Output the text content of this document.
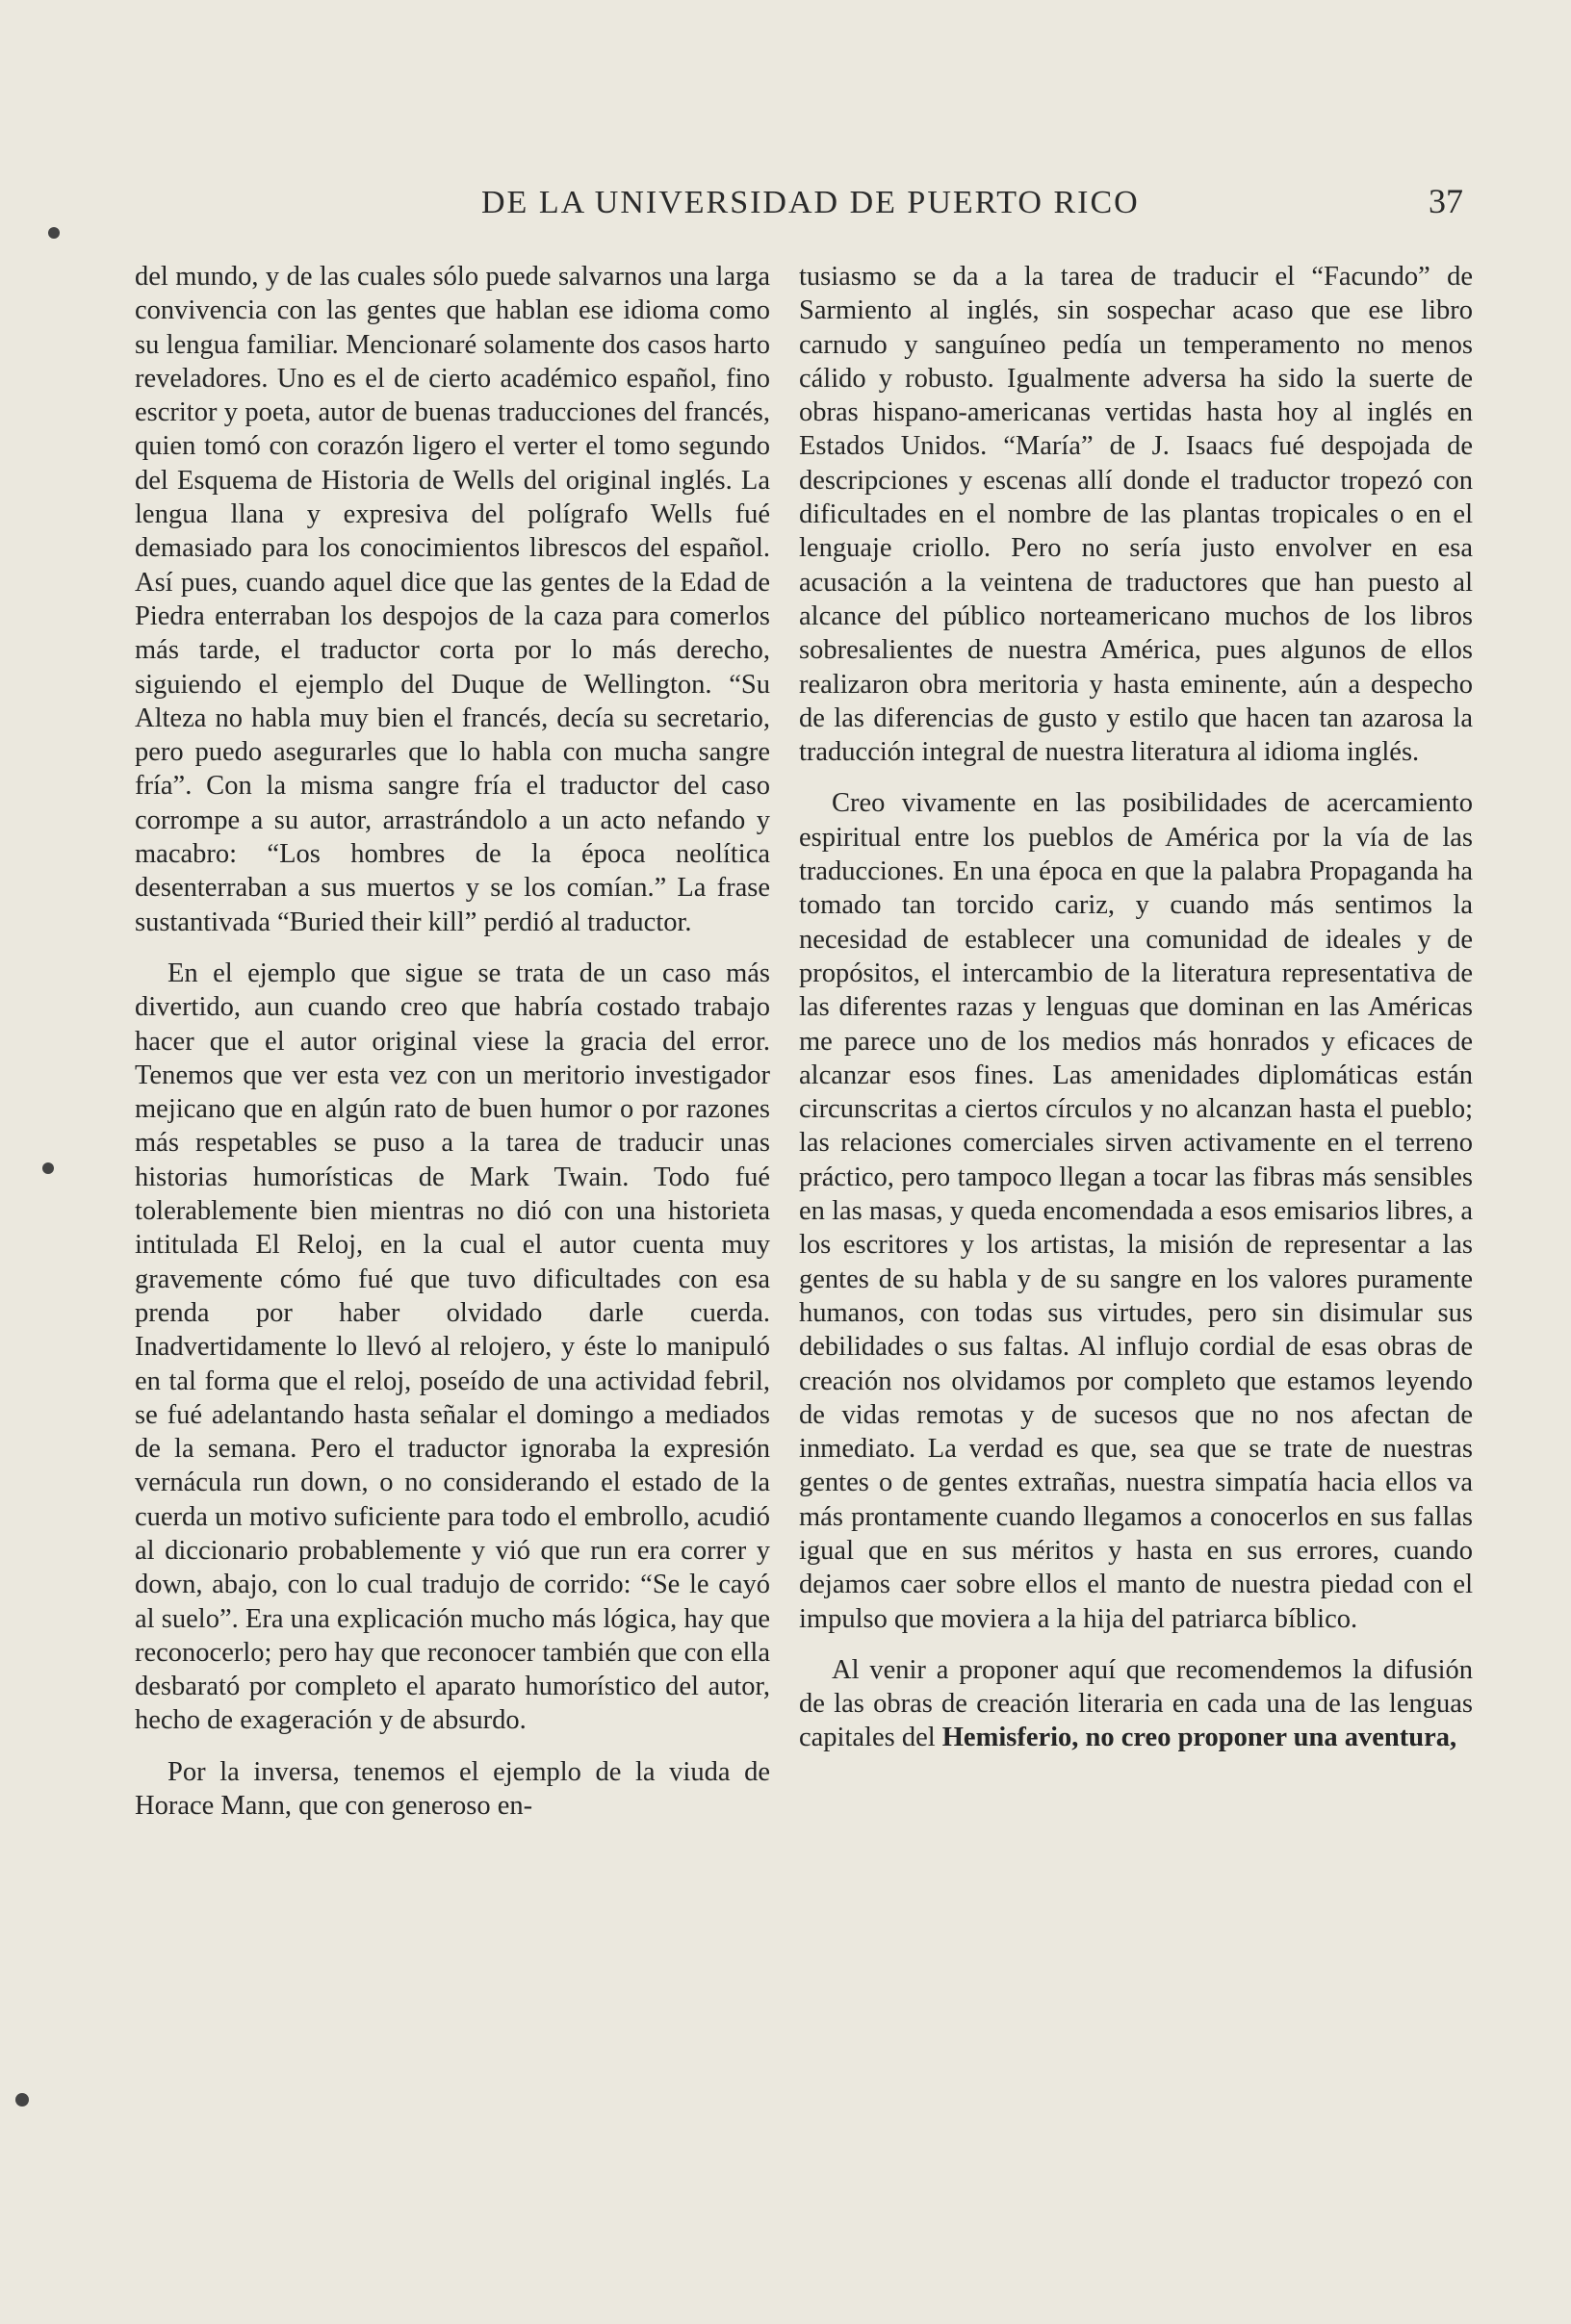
DE LA UNIVERSIDAD DE PUERTO RICO	37

del mundo, y de las cuales sólo puede salvarnos una larga convivencia con las gentes que hablan ese idioma como su lengua familiar. Mencionaré solamente dos casos harto reveladores. Uno es el de cierto académico español, fino escritor y poeta, autor de buenas traducciones del francés, quien tomó con corazón ligero el verter el tomo segundo del Esquema de Historia de Wells del original inglés. La lengua llana y expresiva del polígrafo Wells fué demasiado para los conocimientos librescos del español. Así pues, cuando aquel dice que las gentes de la Edad de Piedra enterraban los despojos de la caza para comerlos más tarde, el traductor corta por lo más derecho, siguiendo el ejemplo del Duque de Wellington. “Su Alteza no habla muy bien el francés, decía su secretario, pero puedo asegurarles que lo habla con mucha sangre fría”. Con la misma sangre fría el traductor del caso corrompe a su autor, arrastrándolo a un acto nefando y macabro: “Los hombres de la época neolítica desenterraban a sus muertos y se los comían.” La frase sustantivada “Buried their kill” perdió al traductor.

En el ejemplo que sigue se trata de un caso más divertido, aun cuando creo que habría costado trabajo hacer que el autor original viese la gracia del error. Tenemos que ver esta vez con un meritorio investigador mejicano que en algún rato de buen humor o por razones más respetables se puso a la tarea de traducir unas historias humorísticas de Mark Twain. Todo fué tolerablemente bien mientras no dió con una historieta intitulada El Reloj, en la cual el autor cuenta muy gravemente cómo fué que tuvo dificultades con esa prenda por haber olvidado darle cuerda. Inadvertidamente lo llevó al relojero, y éste lo manipuló en tal forma que el reloj, poseído de una actividad febril, se fué adelantando hasta señalar el domingo a mediados de la semana. Pero el traductor ignoraba la expresión vernácula run down, o no considerando el estado de la cuerda un motivo suficiente para todo el embrollo, acudió al diccionario probablemente y vió que run era correr y down, abajo, con lo cual tradujo de corrido: “Se le cayó al suelo”. Era una explicación mucho más lógica, hay que reconocerlo; pero hay que reconocer también que con ella desbarató por completo el aparato humorístico del autor, hecho de exageración y de absurdo.

Por la inversa, tenemos el ejemplo de la viuda de Horace Mann, que con generoso en-

tusiasmo se da a la tarea de traducir el “Facundo” de Sarmiento al inglés, sin sospechar acaso que ese libro carnudo y sanguíneo pedía un temperamento no menos cálido y robusto. Igualmente adversa ha sido la suerte de obras hispano-americanas vertidas hasta hoy al inglés en Estados Unidos. “María” de J. Isaacs fué despojada de descripciones y escenas allí donde el traductor tropezó con dificultades en el nombre de las plantas tropicales o en el lenguaje criollo. Pero no sería justo envolver en esa acusación a la veintena de traductores que han puesto al alcance del público norteamericano muchos de los libros sobresalientes de nuestra América, pues algunos de ellos realizaron obra meritoria y hasta eminente, aún a despecho de las diferencias de gusto y estilo que hacen tan azarosa la traducción integral de nuestra literatura al idioma inglés.

Creo vivamente en las posibilidades de acercamiento espiritual entre los pueblos de América por la vía de las traducciones. En una época en que la palabra Propaganda ha tomado tan torcido cariz, y cuando más sentimos la necesidad de establecer una comunidad de ideales y de propósitos, el intercambio de la literatura representativa de las diferentes razas y lenguas que dominan en las Américas me parece uno de los medios más honrados y eficaces de alcanzar esos fines. Las amenidades diplomáticas están circunscritas a ciertos círculos y no alcanzan hasta el pueblo; las relaciones comerciales sirven activamente en el terreno práctico, pero tampoco llegan a tocar las fibras más sensibles en las masas, y queda encomendada a esos emisarios libres, a los escritores y los artistas, la misión de representar a las gentes de su habla y de su sangre en los valores puramente humanos, con todas sus virtudes, pero sin disimular sus debilidades o sus faltas. Al influjo cordial de esas obras de creación nos olvidamos por completo que estamos leyendo de vidas remotas y de sucesos que no nos afectan de inmediato. La verdad es que, sea que se trate de nuestras gentes o de gentes extrañas, nuestra simpatía hacia ellos va más prontamente cuando llegamos a conocerlos en sus fallas igual que en sus méritos y hasta en sus errores, cuando dejamos caer sobre ellos el manto de nuestra piedad con el impulso que moviera a la hija del patriarca bíblico.

Al venir a proponer aquí que recomendemos la difusión de las obras de creación literaria en cada una de las lenguas capitales del Hemisferio, no creo proponer una aventura,
